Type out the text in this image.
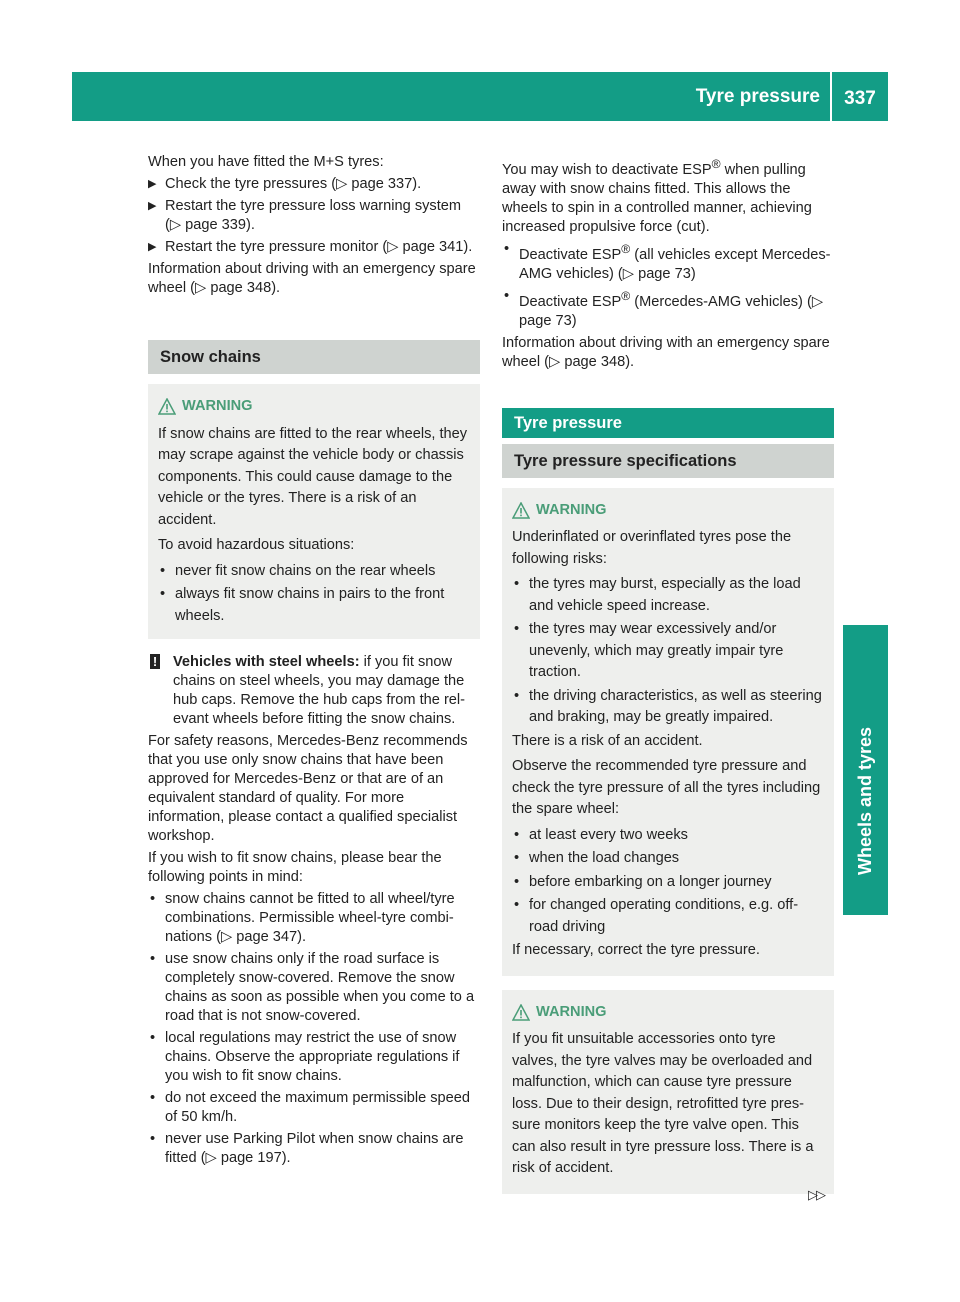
Tyre pressure	337
Wheels and tyres

When you have fitted the M+S tyres:

▶ Check the tyre pressures (▷ page 337).
▶ Restart the tyre pressure loss warning system (▷ page 339).
▶ Restart the tyre pressure monitor (▷ page 341).

Information about driving with an emergency spare wheel (▷ page 348).

Snow chains
WARNING

If snow chains are fitted to the rear wheels, they may scrape against the vehicle body or chassis components. This could cause damage to the vehicle or the tyres. There is a risk of an accident.

To avoid hazardous situations:

• never fit snow chains on the rear wheels
• always fit snow chains in pairs to the front wheels.
! Vehicles with steel wheels: if you fit snow chains on steel wheels, you may damage the hub caps. Remove the hub caps from the relevant wheels before fitting the snow chains.

For safety reasons, Mercedes-Benz recommends that you use only snow chains that have been approved for Mercedes-Benz or that are of an equivalent standard of quality. For more information, please contact a qualified specialist workshop.

If you wish to fit snow chains, please bear the following points in mind:

• snow chains cannot be fitted to all wheel/tyre combinations. Permissible wheel-tyre combinations (▷ page 347).
• use snow chains only if the road surface is completely snow-covered. Remove the snow chains as soon as possible when you come to a road that is not snow-covered.
• local regulations may restrict the use of snow chains. Observe the appropriate regulations if you wish to fit snow chains.
• do not exceed the maximum permissible speed of 50 km/h.
• never use Parking Pilot when snow chains are fitted (▷ page 197).

You may wish to deactivate ESP® when pulling away with snow chains fitted. This allows the wheels to spin in a controlled manner, achieving increased propulsive force (cut).

• Deactivate ESP® (all vehicles except Mercedes-AMG vehicles) (▷ page 73)
• Deactivate ESP® (Mercedes-AMG vehicles) (▷ page 73)

Information about driving with an emergency spare wheel (▷ page 348).

Tyre pressure
Tyre pressure specifications
WARNING

Underinflated or overinflated tyres pose the following risks:

• the tyres may burst, especially as the load and vehicle speed increase.
• the tyres may wear excessively and/or unevenly, which may greatly impair tyre traction.
• the driving characteristics, as well as steering and braking, may be greatly impaired.

There is a risk of an accident.

Observe the recommended tyre pressure and check the tyre pressure of all the tyres including the spare wheel:

• at least every two weeks
• when the load changes
• before embarking on a longer journey
• for changed operating conditions, e.g. off-road driving

If necessary, correct the tyre pressure.

WARNING

If you fit unsuitable accessories onto tyre valves, the tyre valves may be overloaded and malfunction, which can cause tyre pressure loss. Due to their design, retrofitted tyre pressure monitors keep the tyre valve open. This can also result in tyre pressure loss. There is a risk of accident.

▷▷
